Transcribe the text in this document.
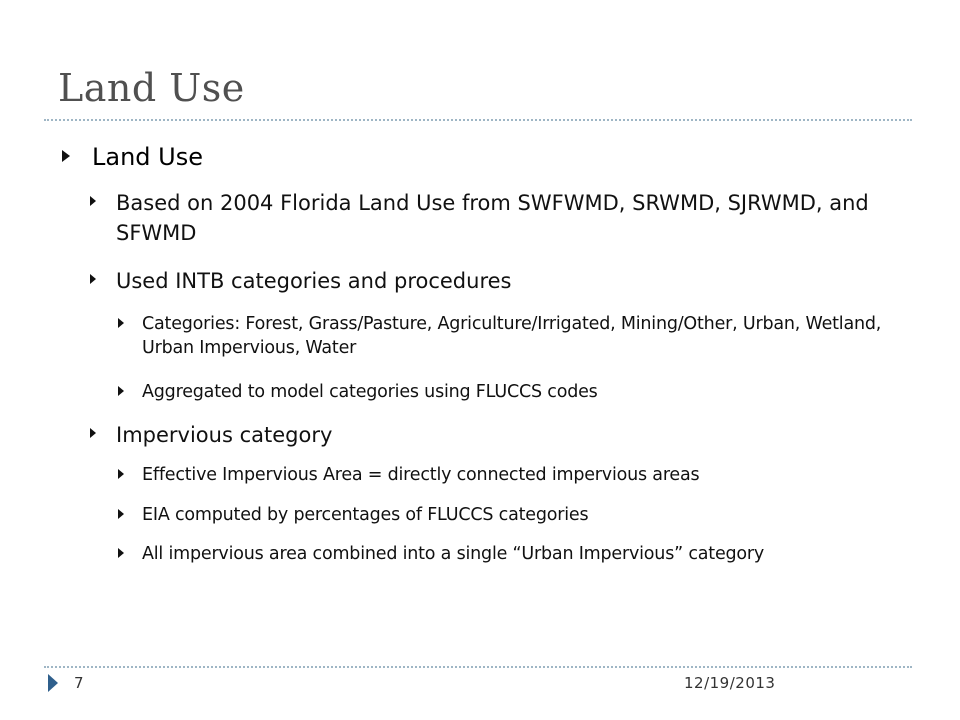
Land Use
Land Use
Based on 2004 Florida Land Use from SWFWMD, SRWMD, SJRWMD, and SFWMD
Used INTB categories and procedures
Categories: Forest, Grass/Pasture, Agriculture/Irrigated, Mining/Other, Urban, Wetland, Urban Impervious, Water
Aggregated to model categories using FLUCCS codes
Impervious category
Effective Impervious Area = directly connected impervious areas
EIA computed by percentages of FLUCCS categories
All impervious area combined into a single “Urban Impervious” category
7	12/19/2013
